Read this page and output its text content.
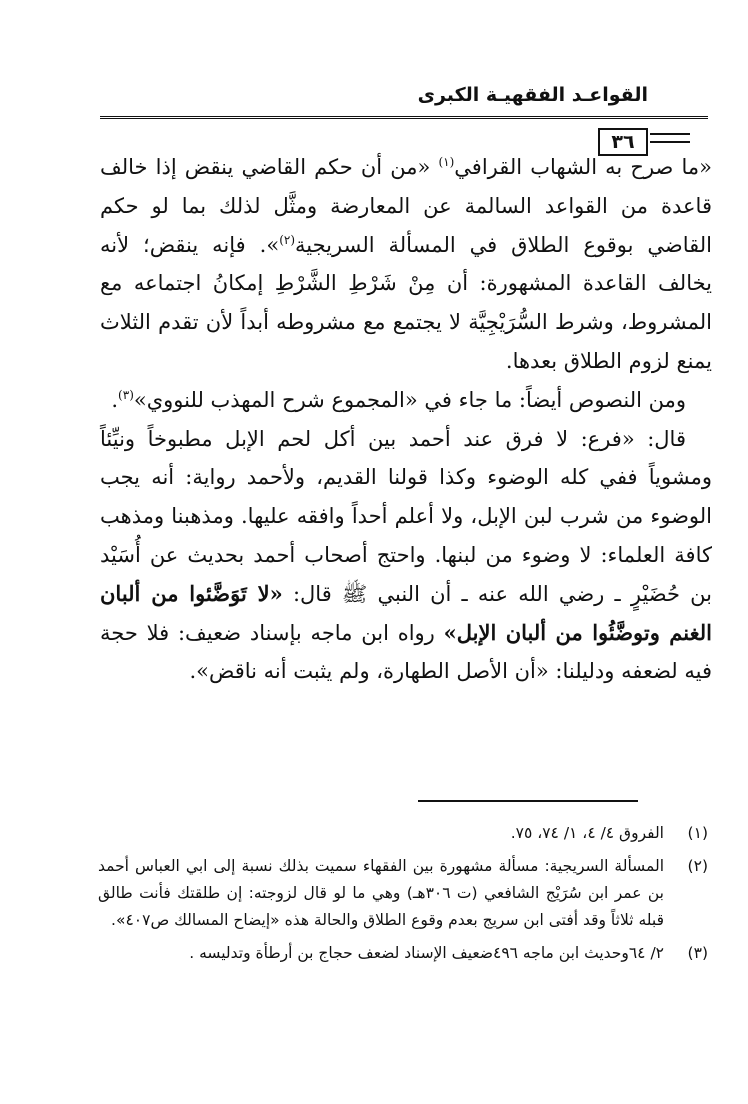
القواعـد الفقهيـة الكبرى
٣٦

«ما صرح به الشهاب القرافي$^{(١)}$ «من أن حكم القاضي ينقض إذا خالف قاعدة من القواعد السالمة عن المعارضة ومثَّل لذلك بما لو حكم القاضي بوقوع الطلاق في المسألة السريجية$^{(٢)}$». فإنه ينقض؛ لأنه يخالف القاعدة المشهورة: أن مِنْ شَرْطِ الشَّرْطِ إمكانُ اجتماعه مع المشروط، وشرط السُّرَيْجِيَّة لا يجتمع مع مشروطه أبداً لأن تقدم الثلاث يمنع لزوم الطلاق بعدها.

ومن النصوص أيضاً: ما جاء في «المجموع شرح المهذب للنووي»$^{(٣)}$.

قال: «فرع: لا فرق عند أحمد بين أكل لحم الإبل مطبوخاً ونيِّئاً ومشوياً ففي كله الوضوء وكذا قولنا القديم، ولأحمد رواية: أنه يجب الوضوء من شرب لبن الإبل، ولا أعلم أحداً وافقه عليها. ومذهبنا ومذهب كافة العلماء: لا وضوء من لبنها. واحتج أصحاب أحمد بحديث عن أُسَيْد بن حُضَيْرٍ ـ رضي الله عنه ـ أن النبي ﷺ قال: «لا تَوَضَّئوا من ألبان الغنم وتوضَّئُوا من ألبان الإبل» رواه ابن ماجه بإسناد ضعيف: فلا حجة فيه لضعفه ودليلنا: «أن الأصل الطهارة، ولم يثبت أنه ناقض».

(١)
الفروق ٤/ ٤، ١/ ٧٤، ٧٥.
(٢)
المسألة السريجية: مسألة مشهورة بين الفقهاء سميت بذلك نسبة إلى ابي العباس أحمد بن عمر ابن سُرَيْج الشافعي (ت ٣٠٦هـ) وهي ما لو قال لزوجته: إن طلقتك فأنت طالق قبله ثلاثاً وقد أفتى ابن سريج بعدم وقوع الطلاق والحالة هذه «إيضاح المسالك ص٤٠٧».
(٣)
٢/ ٦٤وحديث ابن ماجه ٤٩٦ضعيف الإسناد لضعف حجاج بن أرطأة وتدليسه .
